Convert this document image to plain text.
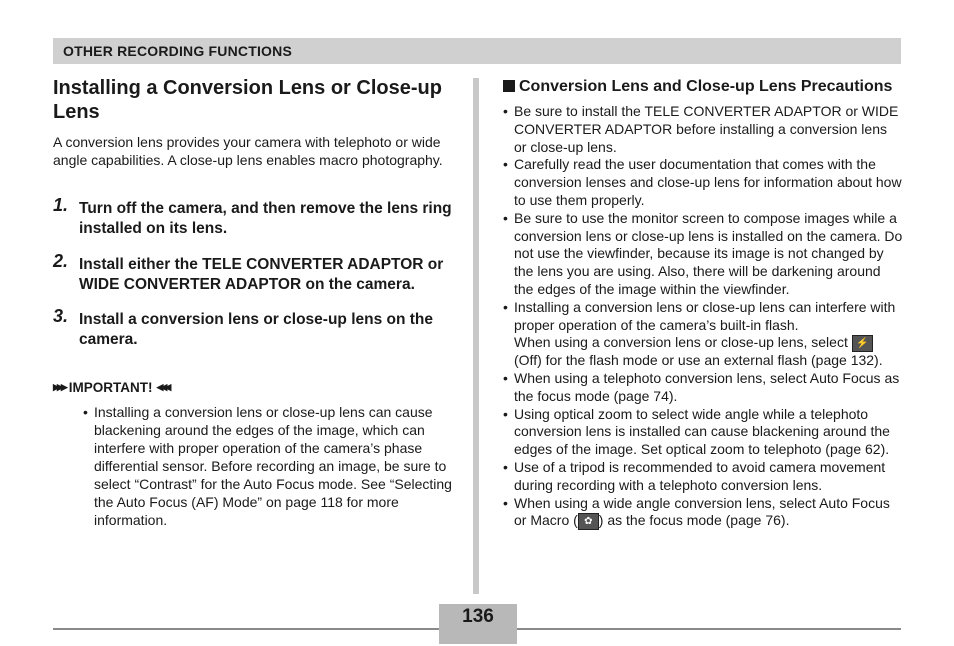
OTHER RECORDING FUNCTIONS
Installing a Conversion Lens or Close-up Lens
A conversion lens provides your camera with telephoto or wide angle capabilities. A close-up lens enables macro photography.
1. Turn off the camera, and then remove the lens ring installed on its lens.
2. Install either the TELE CONVERTER ADAPTOR or WIDE CONVERTER ADAPTOR on the camera.
3. Install a conversion lens or close-up lens on the camera.
▶▶▶ IMPORTANT! ◀◀◀
• Installing a conversion lens or close-up lens can cause blackening around the edges of the image, which can interfere with proper operation of the camera’s phase differential sensor. Before recording an image, be sure to select “Contrast” for the Auto Focus mode. See “Selecting the Auto Focus (AF) Mode” on page 118 for more information.
Conversion Lens and Close-up Lens Precautions
• Be sure to install the TELE CONVERTER ADAPTOR or WIDE CONVERTER ADAPTOR before installing a conversion lens or close-up lens.
• Carefully read the user documentation that comes with the conversion lenses and close-up lens for information about how to use them properly.
• Be sure to use the monitor screen to compose images while a conversion lens or close-up lens is installed on the camera. Do not use the viewfinder, because its image is not changed by the lens you are using. Also, there will be darkening around the edges of the image within the viewfinder.
• Installing a conversion lens or close-up lens can interfere with proper operation of the camera’s built-in flash.
When using a conversion lens or close-up lens, select ⚡ (Off) for the flash mode or use an external flash (page 132).
• When using a telephoto conversion lens, select Auto Focus as the focus mode (page 74).
• Using optical zoom to select wide angle while a telephoto conversion lens is installed can cause blackening around the edges of the image. Set optical zoom to telephoto (page 62).
• Use of a tripod is recommended to avoid camera movement during recording with a telephoto conversion lens.
• When using a wide angle conversion lens, select Auto Focus or Macro ( ✿ ) as the focus mode (page 76).
136
